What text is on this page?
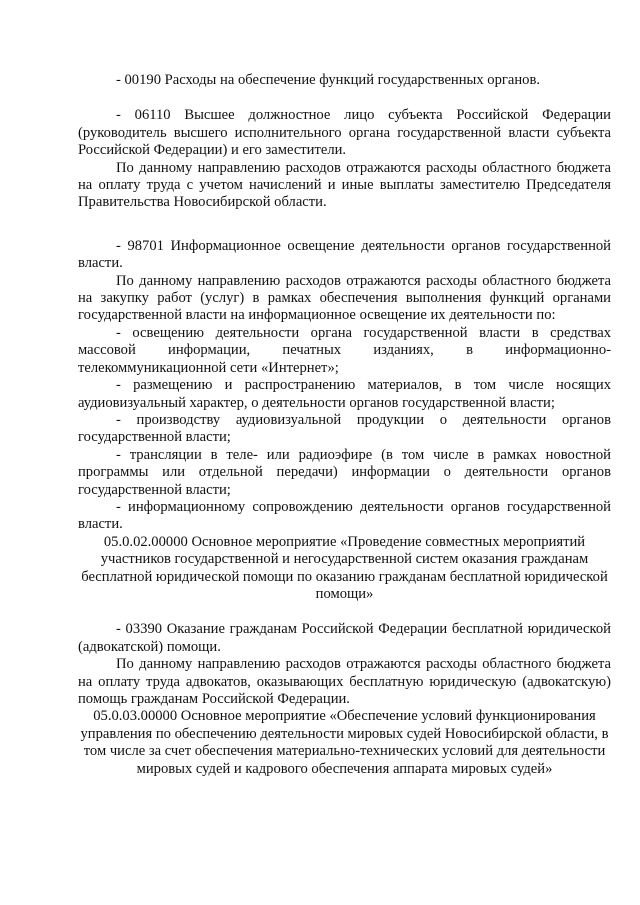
- 00190 Расходы на обеспечение функций государственных органов.

- 06110 Высшее должностное лицо субъекта Российской Федерации (руководитель высшего исполнительного органа государственной власти субъекта Российской Федерации) и его заместители.

По данному направлению расходов отражаются расходы областного бюджета на оплату труда с учетом начислений и иные выплаты заместителю Председателя Правительства Новосибирской области.

- 98701 Информационное освещение деятельности органов государственной власти.

По данному направлению расходов отражаются расходы областного бюджета на закупку работ (услуг) в рамках обеспечения выполнения функций органами государственной власти на информационное освещение их деятельности по:

- освещению деятельности органа государственной власти в средствах массовой информации, печатных изданиях, в информационно-телекоммуникационной сети «Интернет»;

- размещению и распространению материалов, в том числе носящих аудиовизуальный характер, о деятельности органов государственной власти;

- производству аудиовизуальной продукции о деятельности органов государственной власти;

- трансляции в теле- или радиоэфире (в том числе в рамках новостной программы или отдельной передачи) информации о деятельности органов государственной власти;

- информационному сопровождению деятельности органов государственной власти.

05.0.02.00000 Основное мероприятие «Проведение совместных мероприятий участников государственной и негосударственной систем оказания гражданам бесплатной юридической помощи по оказанию гражданам бесплатной юридической помощи»

- 03390 Оказание гражданам Российской Федерации бесплатной юридической (адвокатской) помощи.

По данному направлению расходов отражаются расходы областного бюджета на оплату труда адвокатов, оказывающих бесплатную юридическую (адвокатскую) помощь гражданам Российской Федерации.

05.0.03.00000 Основное мероприятие «Обеспечение условий функционирования управления по обеспечению деятельности мировых судей Новосибирской области, в том числе за счет обеспечения материально-технических условий для деятельности мировых судей и кадрового обеспечения аппарата мировых судей»
